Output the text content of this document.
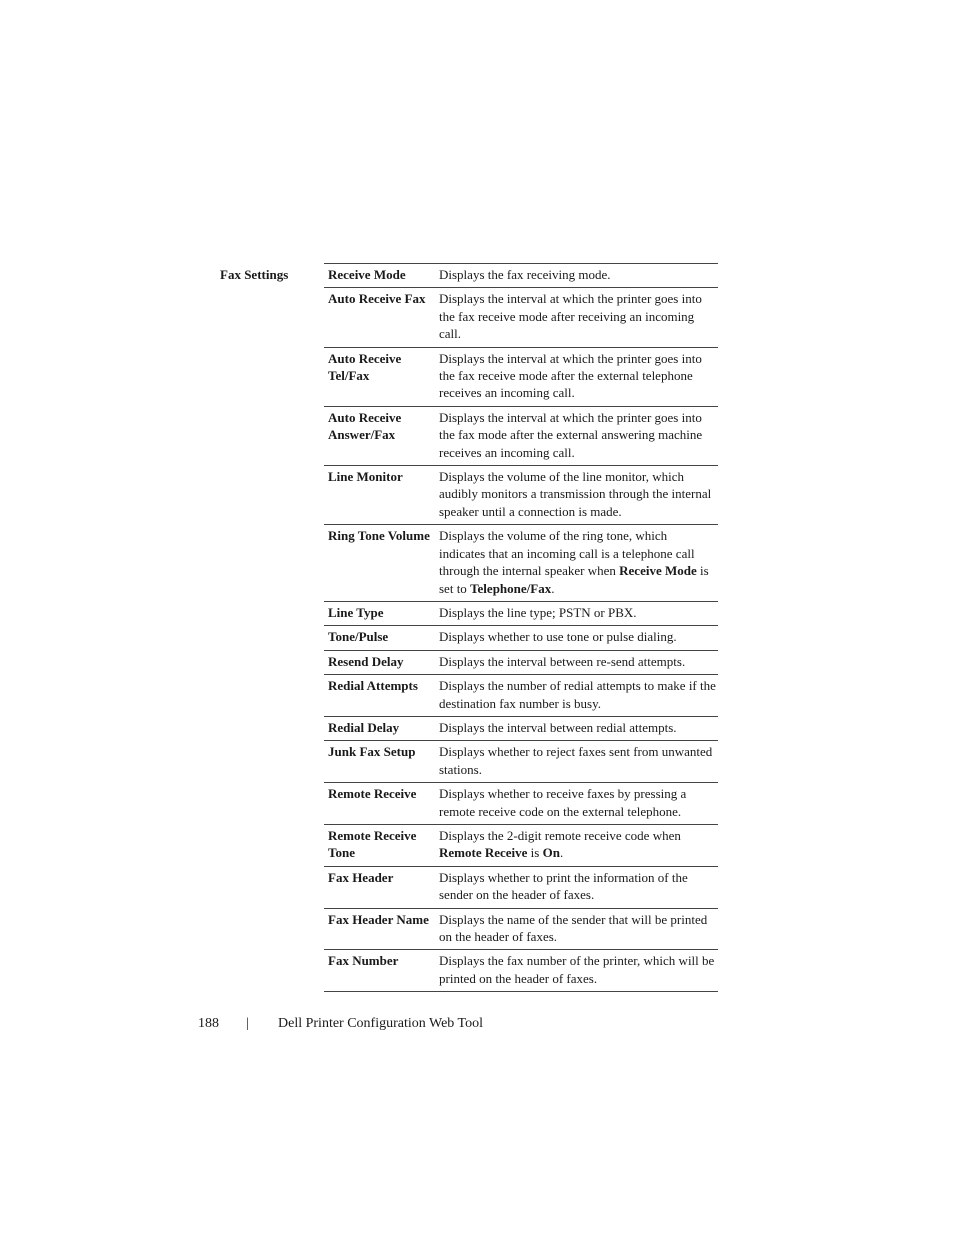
Fax Settings	Receive Mode	Displays the fax receiving mode.
Auto Receive Fax	Displays the interval at which the printer goes into the fax receive mode after receiving an incoming call.
Auto Receive Tel/Fax	Displays the interval at which the printer goes into the fax receive mode after the external telephone receives an incoming call.
Auto Receive Answer/Fax	Displays the interval at which the printer goes into the fax mode after the external answering machine receives an incoming call.
Line Monitor	Displays the volume of the line monitor, which audibly monitors a transmission through the internal speaker until a connection is made.
Ring Tone Volume	Displays the volume of the ring tone, which indicates that an incoming call is a telephone call through the internal speaker when Receive Mode is set to Telephone/Fax.
Line Type	Displays the line type; PSTN or PBX.
Tone/Pulse	Displays whether to use tone or pulse dialing.
Resend Delay	Displays the interval between re-send attempts.
Redial Attempts	Displays the number of redial attempts to make if the destination fax number is busy.
Redial Delay	Displays the interval between redial attempts.
Junk Fax Setup	Displays whether to reject faxes sent from unwanted stations.
Remote Receive	Displays whether to receive faxes by pressing a remote receive code on the external telephone.
Remote Receive Tone	Displays the 2-digit remote receive code when Remote Receive is On.
Fax Header	Displays whether to print the information of the sender on the header of faxes.
Fax Header Name	Displays the name of the sender that will be printed on the header of faxes.
Fax Number	Displays the fax number of the printer, which will be printed on the header of faxes.
188 | Dell Printer Configuration Web Tool
